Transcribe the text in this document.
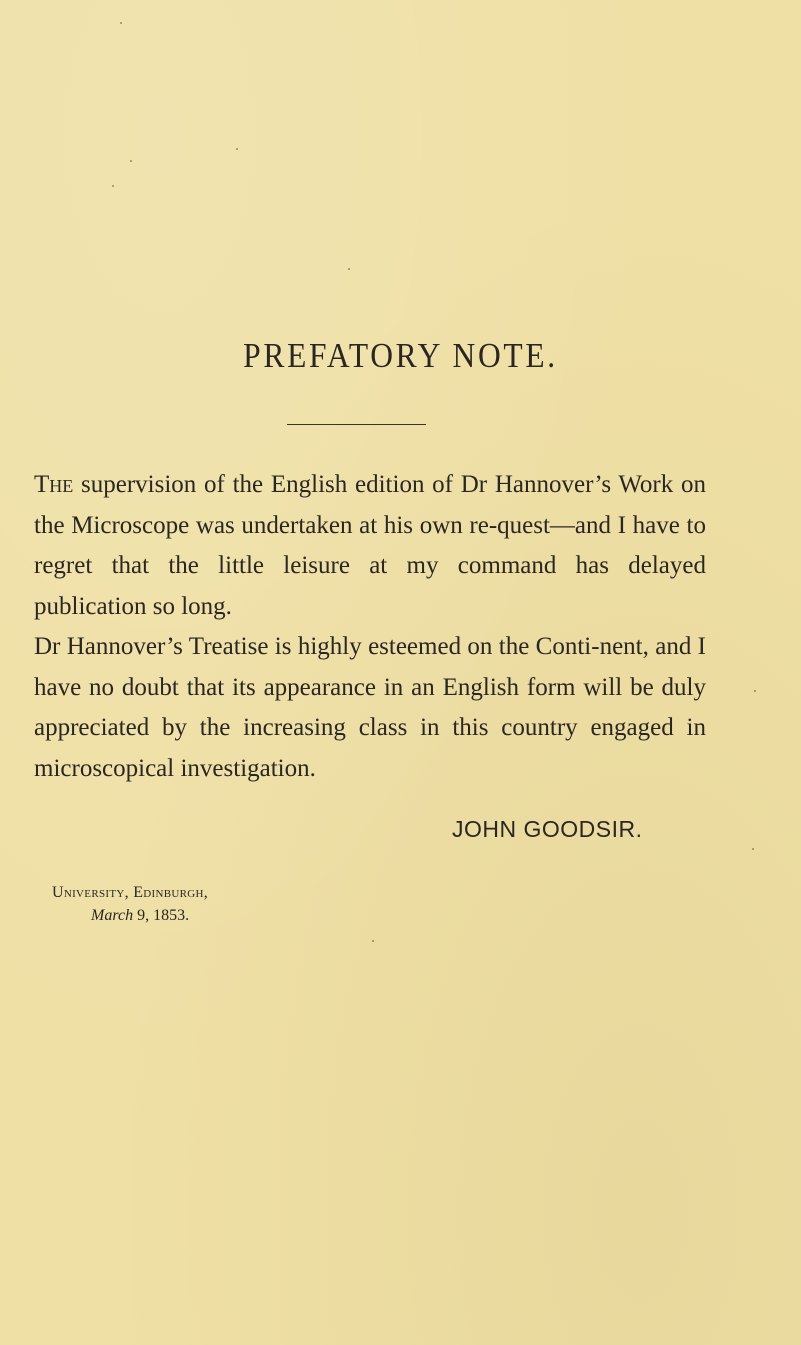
PREFATORY NOTE.

The supervision of the English edition of Dr Hannover’s Work on the Microscope was undertaken at his own re-quest—and I have to regret that the little leisure at my command has delayed publication so long.

Dr Hannover’s Treatise is highly esteemed on the Conti-nent, and I have no doubt that its appearance in an English form will be duly appreciated by the increasing class in this country engaged in microscopical investigation.

JOHN GOODSIR.
University, Edinburgh,
March 9, 1853.
